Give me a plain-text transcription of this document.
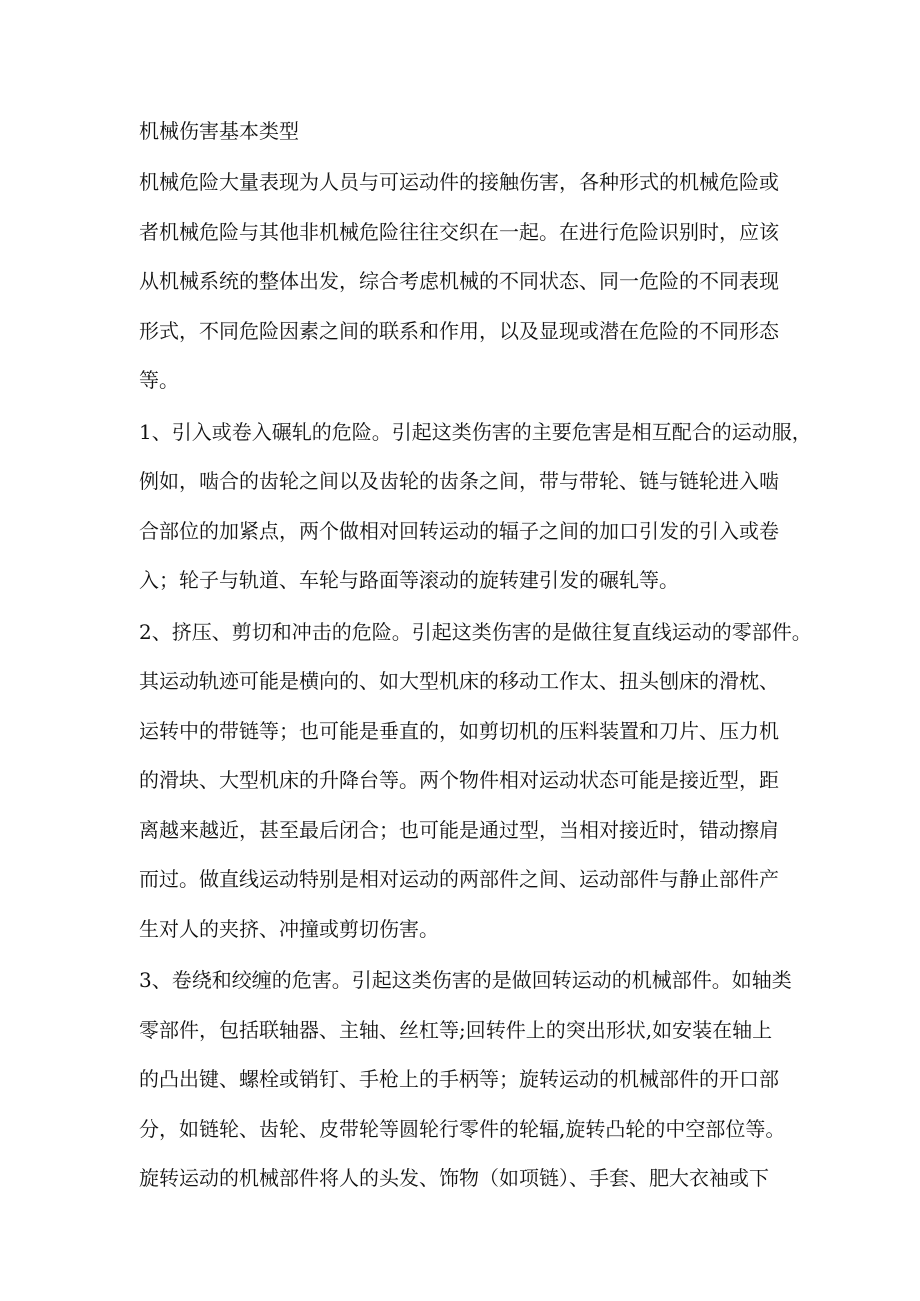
机械伤害基本类型
机械危险大量表现为人员与可运动件的接触伤害，各种形式的机械危险或
者机械危险与其他非机械危险往往交织在一起。在进行危险识别时，应该
从机械系统的整体出发，综合考虑机械的不同状态、同一危险的不同表现
形式，不同危险因素之间的联系和作用，以及显现或潜在危险的不同形态
等。
1、引入或卷入碾轧的危险。引起这类伤害的主要危害是相互配合的运动服，
例如，啮合的齿轮之间以及齿轮的齿条之间，带与带轮、链与链轮进入啮
合部位的加紧点，两个做相对回转运动的辐子之间的加口引发的引入或卷
入；轮子与轨道、车轮与路面等滚动的旋转建引发的碾轧等。
2、挤压、剪切和冲击的危险。引起这类伤害的是做往复直线运动的零部件。
其运动轨迹可能是横向的、如大型机床的移动工作太、扭头刨床的滑枕、
运转中的带链等；也可能是垂直的，如剪切机的压料装置和刀片、压力机
的滑块、大型机床的升降台等。两个物件相对运动状态可能是接近型，距
离越来越近，甚至最后闭合；也可能是通过型，当相对接近时，错动擦肩
而过。做直线运动特别是相对运动的两部件之间、运动部件与静止部件产
生对人的夹挤、冲撞或剪切伤害。
3、卷绕和绞缠的危害。引起这类伤害的是做回转运动的机械部件。如轴类
零部件，包括联轴器、主轴、丝杠等;回转件上的突出形状,如安装在轴上
的凸出键、螺栓或销钉、手枪上的手柄等；旋转运动的机械部件的开口部
分，如链轮、齿轮、皮带轮等圆轮行零件的轮辐,旋转凸轮的中空部位等。
旋转运动的机械部件将人的头发、饰物（如项链）、手套、肥大衣袖或下
